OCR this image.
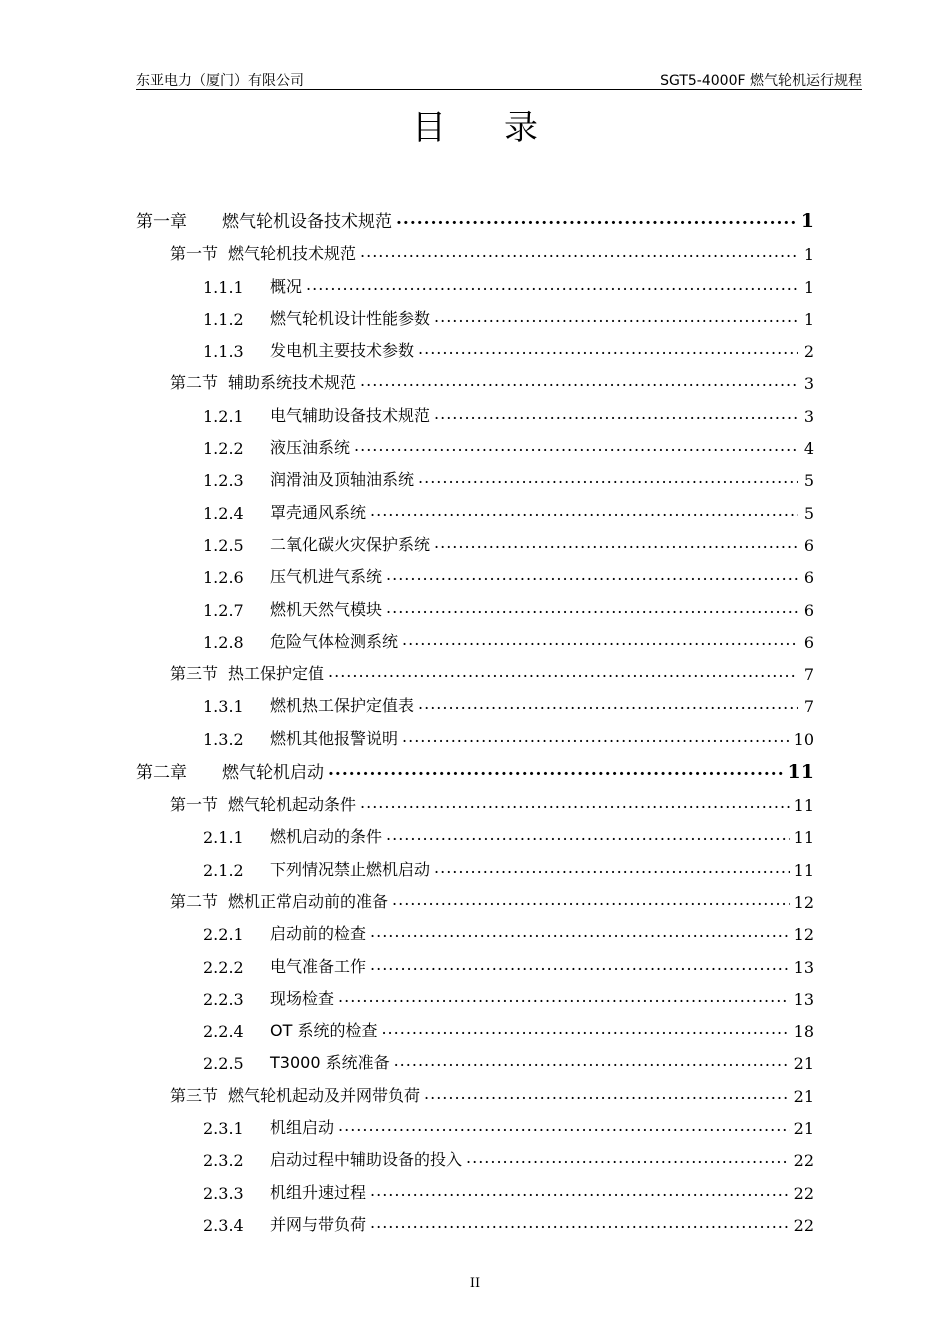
东亚电力（厦门）有限公司	SGT5-4000F 燃气轮机运行规程
目录
第一章	燃气轮机设备技术规范 .....	1
第一节 燃气轮机技术规范 .....	1
1.1.1	概况 .....	1
1.1.2	燃气轮机设计性能参数 .....	1
1.1.3	发电机主要技术参数 .....	2
第二节 辅助系统技术规范 .....	3
1.2.1	电气辅助设备技术规范 .....	3
1.2.2	液压油系统 .....	4
1.2.3	润滑油及顶轴油系统 .....	5
1.2.4	罩壳通风系统 .....	5
1.2.5	二氧化碳火灾保护系统 .....	6
1.2.6	压气机进气系统 .....	6
1.2.7	燃机天然气模块 .....	6
1.2.8	危险气体检测系统 .....	6
第三节 热工保护定值 .....	7
1.3.1	燃机热工保护定值表 .....	7
1.3.2	燃机其他报警说明 .....	10
第二章	燃气轮机启动 .....	11
第一节 燃气轮机起动条件 .....	11
2.1.1	燃机启动的条件 .....	11
2.1.2	下列情况禁止燃机启动 .....	11
第二节 燃机正常启动前的准备 .....	12
2.2.1	启动前的检查 .....	12
2.2.2	电气准备工作 .....	13
2.2.3	现场检查 .....	13
2.2.4	OT 系统的检查 .....	18
2.2.5	T3000 系统准备 .....	21
第三节 燃气轮机起动及并网带负荷 .....	21
2.3.1	机组启动 .....	21
2.3.2	启动过程中辅助设备的投入 .....	22
2.3.3	机组升速过程 .....	22
2.3.4	并网与带负荷 .....	22
II
